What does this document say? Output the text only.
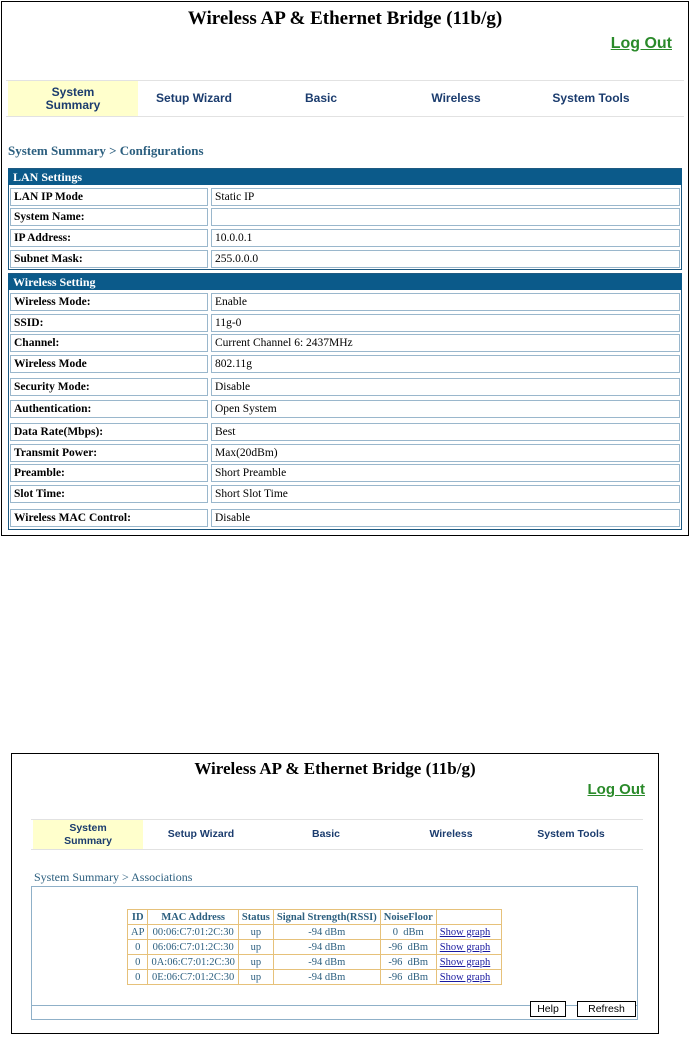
Wireless AP & Ethernet Bridge (11b/g)
Log Out
System
Summary	Setup Wizard	Basic	Wireless	System Tools
System Summary > Configurations
LAN Settings
LAN IP Mode	Static IP
System Name:
IP Address:	10.0.0.1
Subnet Mask:	255.0.0.0
Wireless Setting
Wireless Mode:	Enable
SSID:	11g-0
Channel:	Current Channel 6: 2437MHz
Wireless Mode	802.11g
Security Mode:	Disable
Authentication:	Open System
Data Rate(Mbps):	Best
Transmit Power:	Max(20dBm)
Preamble:	Short Preamble
Slot Time:	Short Slot Time
Wireless MAC Control:	Disable
Wireless AP & Ethernet Bridge (11b/g)
Log Out
System
Summary
Setup Wizard	Basic	Wireless	System Tools
System Summary > Associations
ID	MAC Address	Status	Signal Strength(RSSI)	NoiseFloor	
AP	00:06:C7:01:2C:30	up	-94 dBm	0  dBm	Show graph
0	06:06:C7:01:2C:30	up	-94 dBm	-96  dBm	Show graph
0	0A:06:C7:01:2C:30	up	-94 dBm	-96  dBm	Show graph
0	0E:06:C7:01:2C:30	up	-94 dBm	-96  dBm	Show graph
Help	Refresh
